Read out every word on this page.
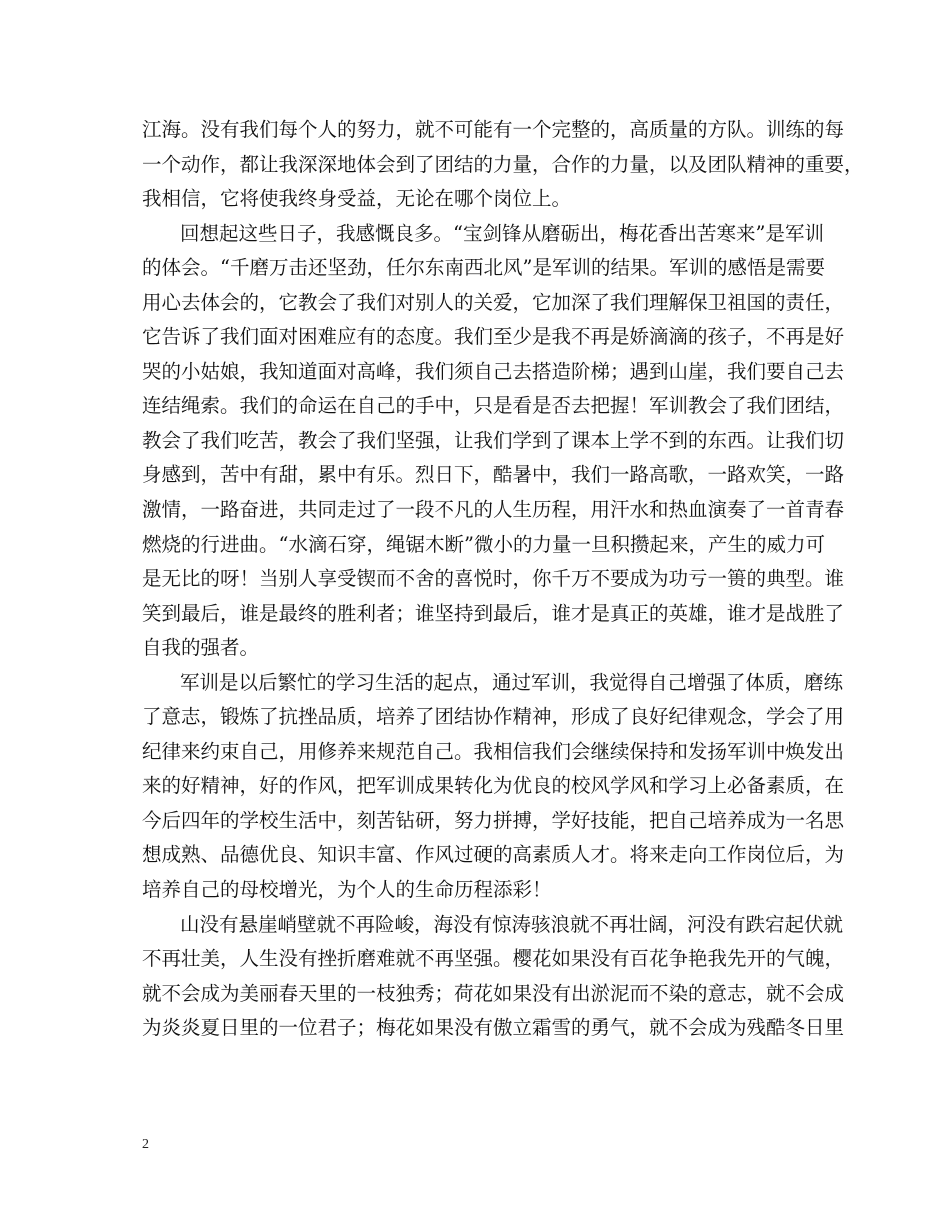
江海。没有我们每个人的努力，就不可能有一个完整的，高质量的方队。训练的每
一个动作，都让我深深地体会到了团结的力量，合作的力量，以及团队精神的重要，
我相信，它将使我终身受益，无论在哪个岗位上。
回想起这些日子，我感慨良多。“宝剑锋从磨砺出，梅花香出苦寒来”是军训
的体会。“千磨万击还坚劲，任尔东南西北风”是军训的结果。军训的感悟是需要
用心去体会的，它教会了我们对别人的关爱，它加深了我们理解保卫祖国的责任，
它告诉了我们面对困难应有的态度。我们至少是我不再是娇滴滴的孩子，不再是好
哭的小姑娘，我知道面对高峰，我们须自己去搭造阶梯；遇到山崖，我们要自己去
连结绳索。我们的命运在自己的手中，只是看是否去把握！军训教会了我们团结，
教会了我们吃苦，教会了我们坚强，让我们学到了课本上学不到的东西。让我们切
身感到，苦中有甜，累中有乐。烈日下，酷暑中，我们一路高歌，一路欢笑，一路
激情，一路奋进，共同走过了一段不凡的人生历程，用汗水和热血演奏了一首青春
燃烧的行进曲。“水滴石穿，绳锯木断”微小的力量一旦积攒起来，产生的威力可
是无比的呀！当别人享受锲而不舍的喜悦时，你千万不要成为功亏一篑的典型。谁
笑到最后，谁是最终的胜利者；谁坚持到最后，谁才是真正的英雄，谁才是战胜了
自我的强者。
军训是以后繁忙的学习生活的起点，通过军训，我觉得自己增强了体质，磨练
了意志，锻炼了抗挫品质，培养了团结协作精神，形成了良好纪律观念，学会了用
纪律来约束自己，用修养来规范自己。我相信我们会继续保持和发扬军训中焕发出
来的好精神，好的作风，把军训成果转化为优良的校风学风和学习上必备素质，在
今后四年的学校生活中，刻苦钻研，努力拼搏，学好技能，把自己培养成为一名思
想成熟、品德优良、知识丰富、作风过硬的高素质人才。将来走向工作岗位后，为
培养自己的母校增光，为个人的生命历程添彩！
山没有悬崖峭壁就不再险峻，海没有惊涛骇浪就不再壮阔，河没有跌宕起伏就
不再壮美，人生没有挫折磨难就不再坚强。樱花如果没有百花争艳我先开的气魄，
就不会成为美丽春天里的一枝独秀；荷花如果没有出淤泥而不染的意志，就不会成
为炎炎夏日里的一位君子；梅花如果没有傲立霜雪的勇气，就不会成为残酷冬日里
2
